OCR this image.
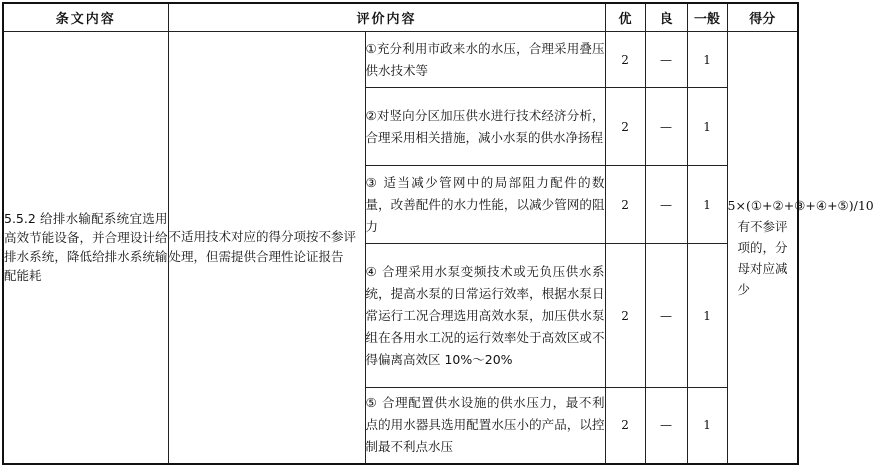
条文内容	评价内容		优	良	一般	得分
5.5.2 给排水输配系统宜选用高效节能设备，并合理设计给排水系统，降低给排水系统输配能耗	不适用技术对应的得分项按不参评处理，但需提供合理性论证报告	①充分利用市政来水的水压，合理采用叠压供水技术等	2	—	1	5×(①+②+③+④+⑤)/10

有不参评项的，分母对应减少

		②对竖向分区加压供水进行技术经济分析，合理采用相关措施，减小水泵的供水净扬程	2	—	1	
		③ 适当减少管网中的局部阻力配件的数量，改善配件的水力性能，以减少管网的阻力	2	—	1	
		④ 合理采用水泵变频技术或无负压供水系统，提高水泵的日常运行效率，根据水泵日常运行工况合理选用高效水泵，加压供水泵组在各用水工况的运行效率处于高效区或不得偏离高效区 10%～20%	2	—	1	
		⑤ 合理配置供水设施的供水压力，最不利点的用水器具选用配置水压小的产品，以控制最不利点水压	2	—	1	
